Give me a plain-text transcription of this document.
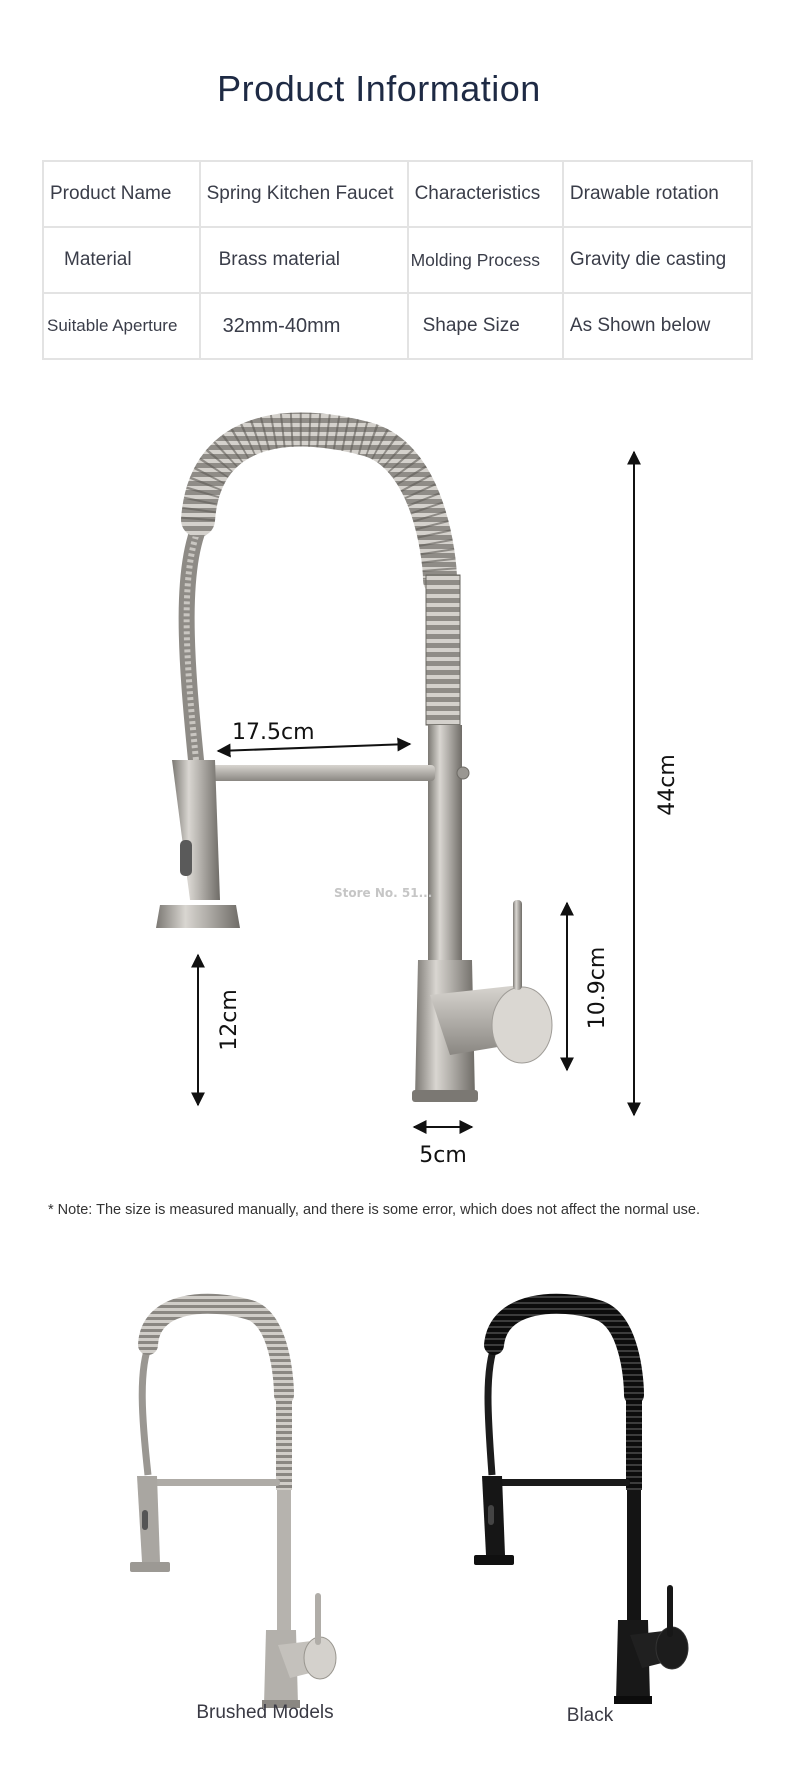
Product Information
Product Name	Spring Kitchen Faucet	Characteristics	Drawable rotation
Material	Brass material	Molding Process	Gravity die casting
Suitable Aperture	32mm-40mm	Shape Size	As Shown below
17.5cm
44cm
10.9cm
12cm
5cm
Store No. 51...
* Note: The size is measured manually, and there is some error, which does not affect the normal use.
Brushed Models	Black
